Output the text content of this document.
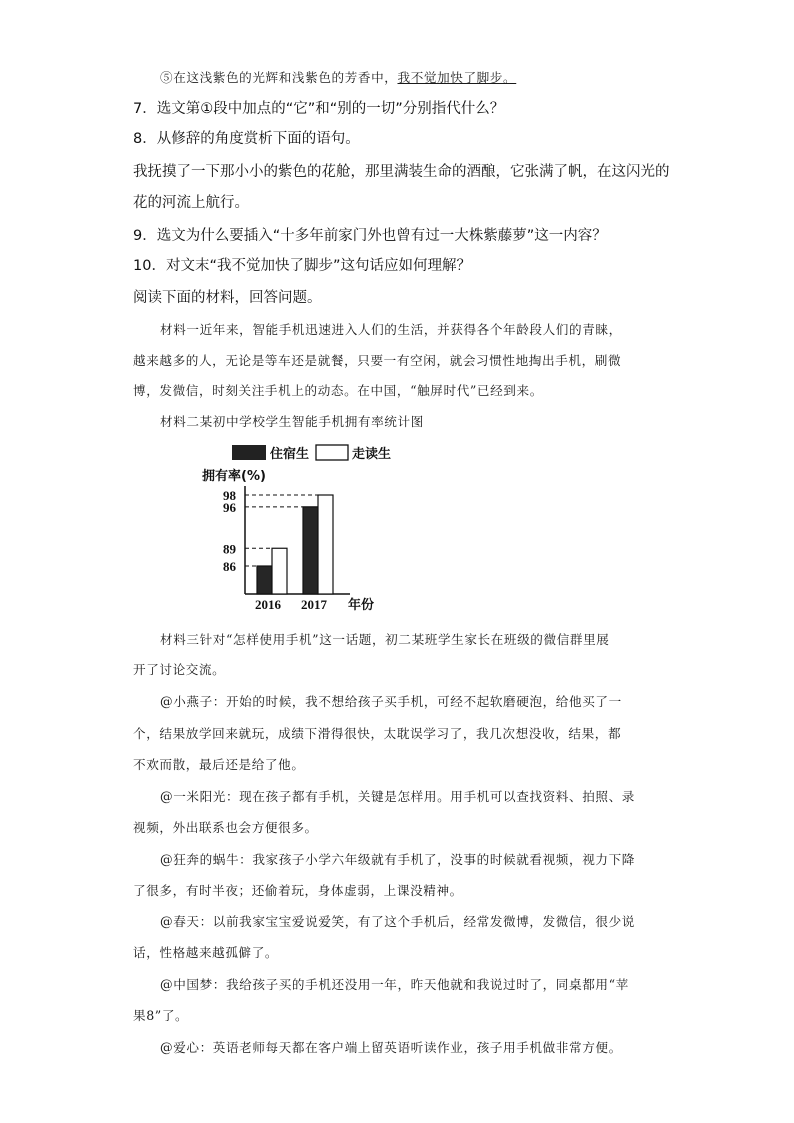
⑤在这浅紫色的光辉和浅紫色的芳香中，我不觉加快了脚步。
7．选文第①段中加点的“它”和“别的一切”分别指代什么？
8．从修辞的角度赏析下面的语句。
我抚摸了一下那小小的紫色的花舱，那里满装生命的酒酿，它张满了帆，在这闪光的
花的河流上航行。
9．选文为什么要插入“十多年前家门外也曾有过一大株紫藤萝”这一内容？
10．对文末“我不觉加快了脚步”这句话应如何理解？
阅读下面的材料，回答问题。
材料一近年来，智能手机迅速进入人们的生活，并获得各个年龄段人们的青睐，
越来越多的人，无论是等车还是就餐，只要一有空闲，就会习惯性地掏出手机，刷微
博，发微信，时刻关注手机上的动态。在中国，“触屏时代”已经到来。
材料二某初中学校学生智能手机拥有率统计图
住宿生	走读生
拥有率(%)
年份
2016 2017
86
89
96
98
材料三针对“怎样使用手机”这一话题，初二某班学生家长在班级的微信群里展
开了讨论交流。
@小燕子：开始的时候，我不想给孩子买手机，可经不起软磨硬泡，给他买了一
个，结果放学回来就玩，成绩下滑得很快，太耽误学习了，我几次想没收，结果，都
不欢而散，最后还是给了他。
@一米阳光：现在孩子都有手机，关键是怎样用。用手机可以查找资料、拍照、录
视频，外出联系也会方便很多。
@狂奔的蜗牛：我家孩子小学六年级就有手机了，没事的时候就看视频，视力下降
了很多，有时半夜；还偷着玩，身体虚弱，上课没精神。
@春天：以前我家宝宝爱说爱笑，有了这个手机后，经常发微博，发微信，很少说
话，性格越来越孤僻了。
@中国梦：我给孩子买的手机还没用一年，昨天他就和我说过时了，同桌都用“苹
果8”了。
@爱心：英语老师每天都在客户端上留英语听读作业，孩子用手机做非常方便。
